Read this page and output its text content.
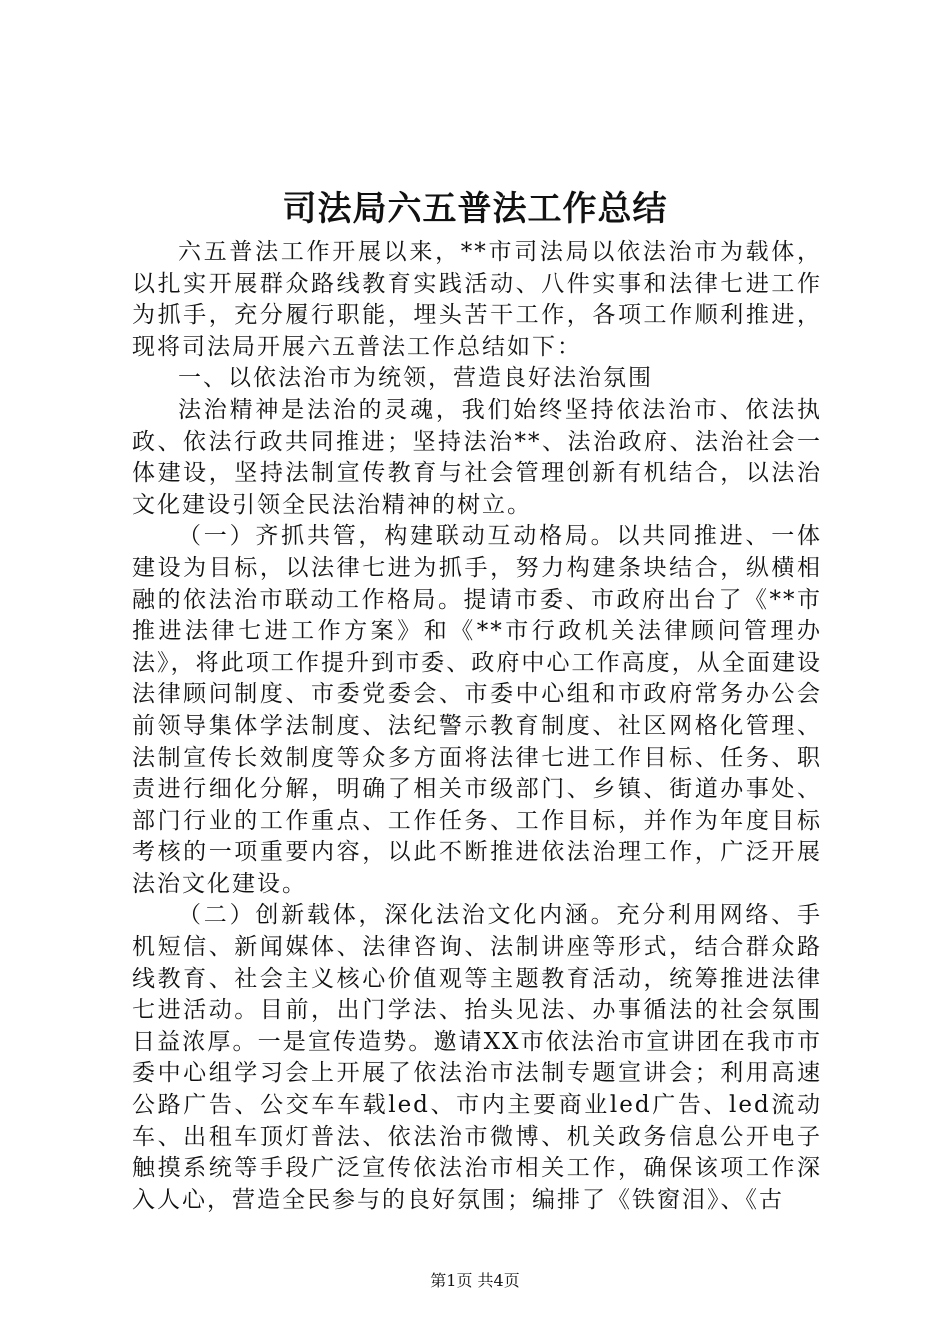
司法局六五普法工作总结

六五普法工作开展以来，**市司法局以依法治市为载体，以扎实开展群众路线教育实践活动、八件实事和法律七进工作为抓手，充分履行职能，埋头苦干工作，各项工作顺利推进，现将司法局开展六五普法工作总结如下：

一、以依法治市为统领，营造良好法治氛围

法治精神是法治的灵魂，我们始终坚持依法治市、依法执政、依法行政共同推进；坚持法治**、法治政府、法治社会一体建设，坚持法制宣传教育与社会管理创新有机结合，以法治文化建设引领全民法治精神的树立。

（一）齐抓共管，构建联动互动格局。以共同推进、一体建设为目标，以法律七进为抓手，努力构建条块结合，纵横相融的依法治市联动工作格局。提请市委、市政府出台了《**市推进法律七进工作方案》和《**市行政机关法律顾问管理办法》，将此项工作提升到市委、政府中心工作高度，从全面建设法律顾问制度、市委党委会、市委中心组和市政府常务办公会前领导集体学法制度、法纪警示教育制度、社区网格化管理、法制宣传长效制度等众多方面将法律七进工作目标、任务、职责进行细化分解，明确了相关市级部门、乡镇、街道办事处、部门行业的工作重点、工作任务、工作目标，并作为年度目标考核的一项重要内容，以此不断推进依法治理工作，广泛开展法治文化建设。

（二）创新载体，深化法治文化内涵。充分利用网络、手机短信、新闻媒体、法律咨询、法制讲座等形式，结合群众路线教育、社会主义核心价值观等主题教育活动，统筹推进法律七进活动。目前，出门学法、抬头见法、办事循法的社会氛围日益浓厚。一是宣传造势。邀请XX市依法治市宣讲团在我市市委中心组学习会上开展了依法治市法制专题宣讲会；利用高速公路广告、公交车车载led、市内主要商业led广告、led流动车、出租车顶灯普法、依法治市微博、机关政务信息公开电子触摸系统等手段广泛宣传依法治市相关工作，确保该项工作深入人心，营造全民参与的良好氛围；编排了《铁窗泪》、《古

第1页 共4页
